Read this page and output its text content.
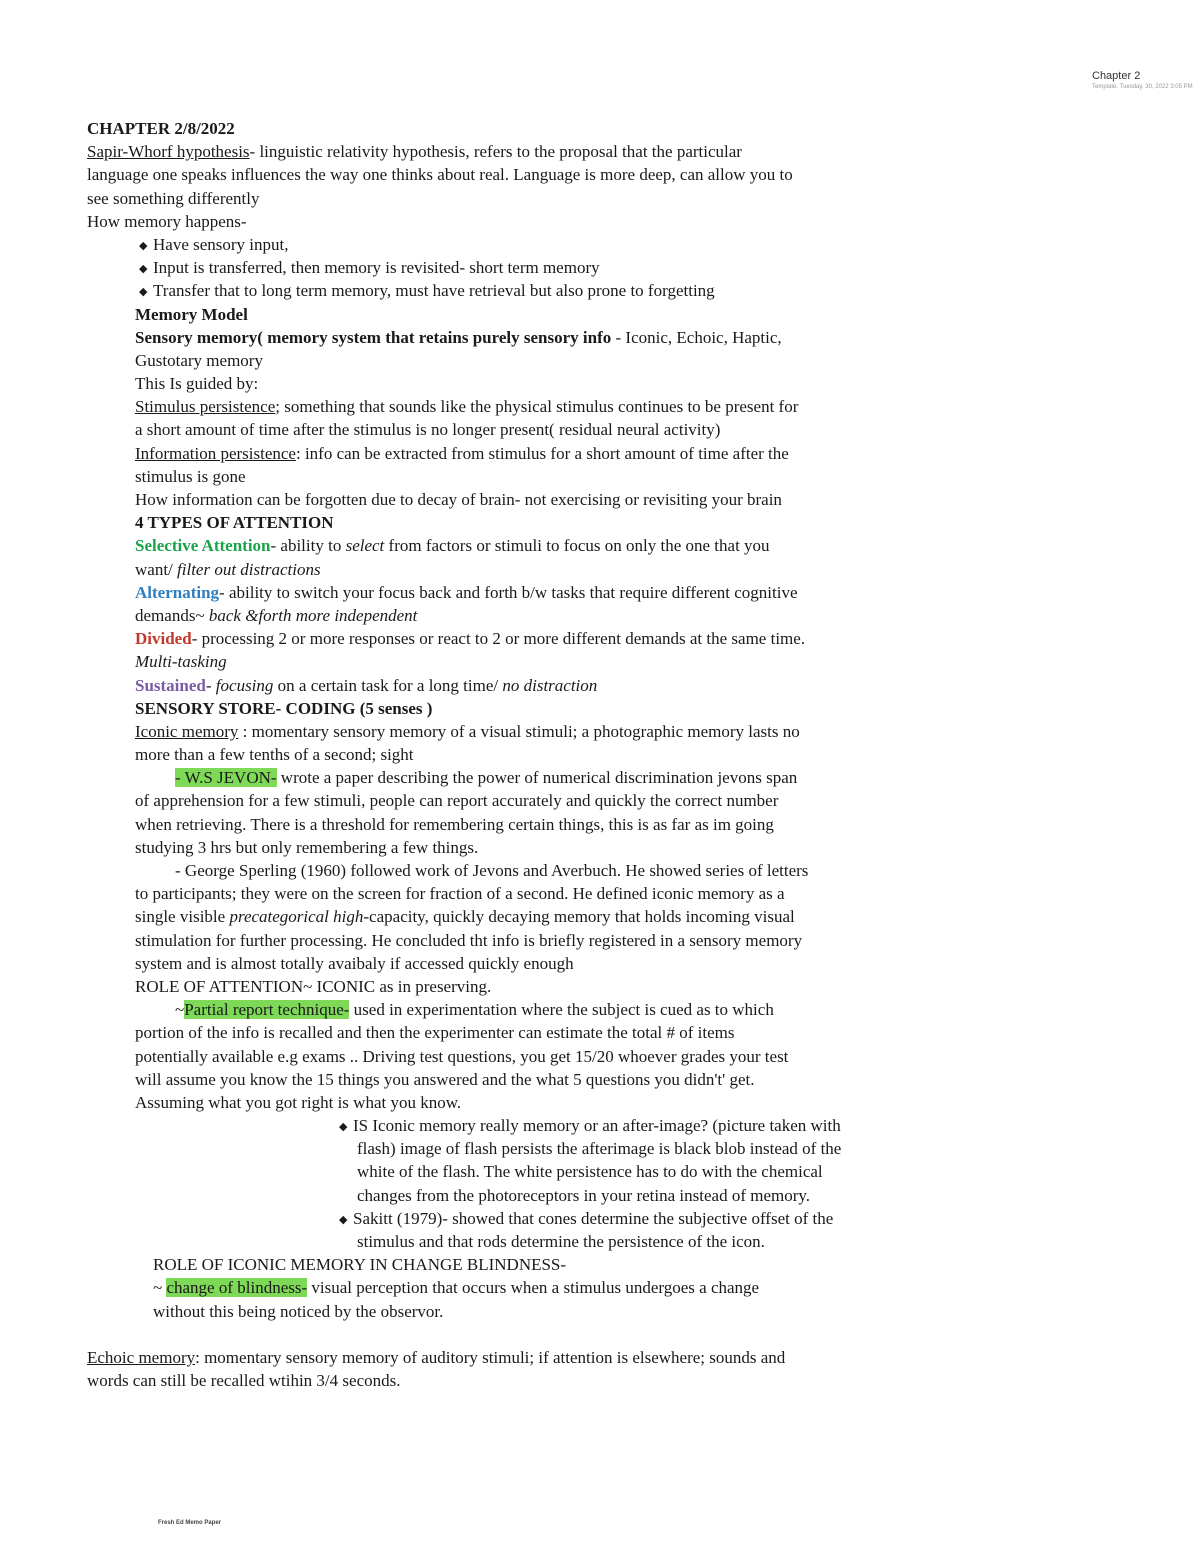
Chapter 2
Template: Tuesday, 30, 2022 3:05 PM
CHAPTER 2/8/2022
Sapir-Whorf hypothesis- linguistic relativity hypothesis, refers to the proposal that the particular
language one speaks influences the way one thinks about real. Language is more deep, can allow you to
see something differently
How memory happens-
◆ Have sensory input,
◆ Input is transferred, then memory is revisited- short term memory
◆ Transfer that to long term memory, must have retrieval but also prone to forgetting
Memory Model
Sensory memory( memory system that retains purely sensory info - Iconic, Echoic, Haptic,
Gustotary memory
This Is guided by:
Stimulus persistence; something that sounds like the physical stimulus continues to be present for
a short amount of time after the stimulus is no longer present( residual neural activity)
Information persistence: info can be extracted from stimulus for a short amount of time after the
stimulus is gone
How information can be forgotten due to decay of brain- not exercising or revisiting your brain
4 TYPES OF ATTENTION
Selective Attention- ability to select from factors or stimuli to focus on only the one that you
want/ filter out distractions
Alternating- ability to switch your focus back and forth b/w tasks that require different cognitive
demands~ back &forth more independent
Divided- processing 2 or more responses or react to 2 or more different demands at the same time.
Multi-tasking
Sustained- focusing on a certain task for a long time/ no distraction
SENSORY STORE- CODING (5 senses )
Iconic memory : momentary sensory memory of a visual stimuli; a photographic memory lasts no
more than a few tenths of a second; sight
- W.S JEVON- wrote a paper describing the power of numerical discrimination jevons span
of apprehension for a few stimuli, people can report accurately and quickly the correct number
when retrieving. There is a threshold for remembering certain things, this is as far as im going
studying 3 hrs but only remembering a few things.
- George Sperling (1960) followed work of Jevons and Averbuch. He showed series of letters
to participants; they were on the screen for fraction of a second. He defined iconic memory as a
single visible precategorical high-capacity, quickly decaying memory that holds incoming visual
stimulation for further processing. He concluded tht info is briefly registered in a sensory memory
system and is almost totally avaibaly if accessed quickly enough
ROLE OF ATTENTION~ ICONIC as in preserving.
~Partial report technique- used in experimentation where the subject is cued as to which
portion of the info is recalled and then the experimenter can estimate the total # of items
potentially available e.g exams .. Driving test questions, you get 15/20 whoever grades your test
will assume you know the 15 things you answered and the what 5 questions you didn't' get.
Assuming what you got right is what you know.
◆ IS Iconic memory really memory or an after-image? (picture taken with
flash) image of flash persists the afterimage is black blob instead of the
white of the flash. The white persistence has to do with the chemical
changes from the photoreceptors in your retina instead of memory.
◆ Sakitt (1979)- showed that cones determine the subjective offset of the
stimulus and that rods determine the persistence of the icon.
ROLE OF ICONIC MEMORY IN CHANGE BLINDNESS-
~ change of blindness- visual perception that occurs when a stimulus undergoes a change
without this being noticed by the observor.
Echoic memory: momentary sensory memory of auditory stimuli; if attention is elsewhere; sounds and
words can still be recalled wtihin 3/4 seconds.
Fresh Ed Memo Paper
